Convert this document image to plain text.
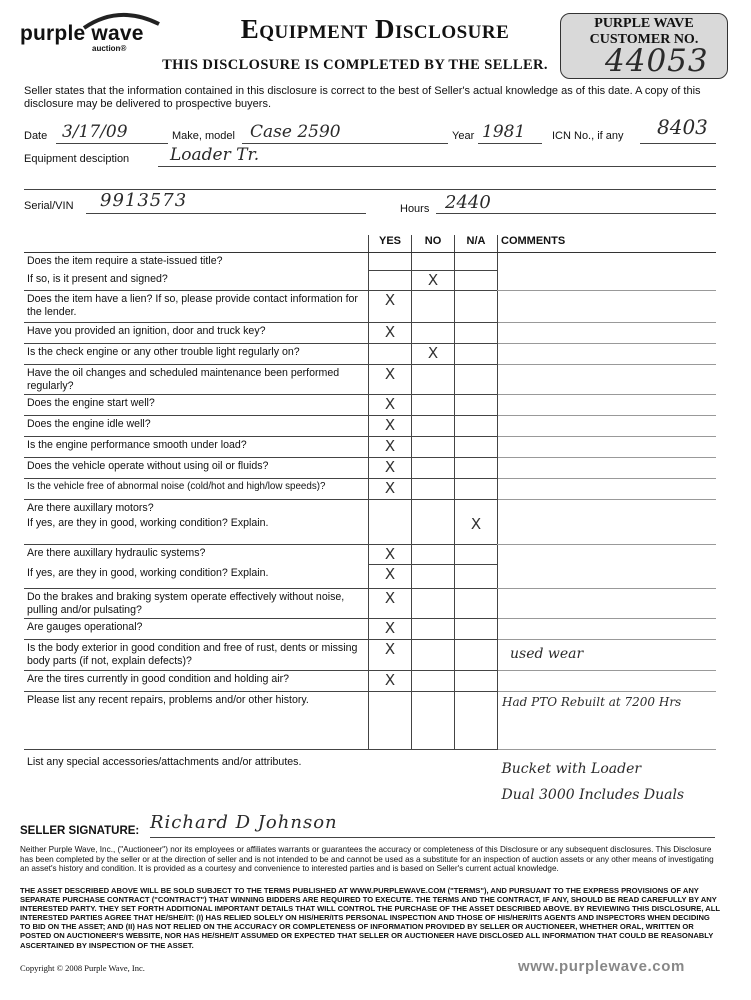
purple wave
auction®
Equipment Disclosure
THIS DISCLOSURE IS COMPLETED BY THE SELLER.
PURPLE WAVE
CUSTOMER NO.
44053
Seller states that the information contained in this disclosure is correct to the best of Seller's actual knowledge as of this date. A copy of this disclosure may be delivered to prospective buyers.
Date 3/17/09	Make, model Case 2590	Year 1981 ICN No., if any 8403
Equipment desciption Loader Tr.
Serial/VIN 9913573	Hours 2440
	YES	NO	N/A	COMMENTS
Does the item require a state-issued title?				
If so, is it present and signed?		X		
Does the item have a lien? If so, please provide contact information for the lender.	X			
Have you provided an ignition, door and truck key?	X			
Is the check engine or any other trouble light regularly on?		X		
Have the oil changes and scheduled maintenance been performed regularly?	X			
Does the engine start well?	X			
Does the engine idle well?	X			
Is the engine performance smooth under load?	X			
Does the vehicle operate without using oil or fluids?	X			
Is the vehicle free of abnormal noise (cold/hot and high/low speeds)?	X			
Are there auxillary motors?				
If yes, are they in good, working condition? Explain.			X	
Are there auxillary hydraulic systems?	X			
If yes, are they in good, working condition? Explain.	X			
Do the brakes and braking system operate effectively without noise, pulling and/or pulsating?	X			
Are gauges operational?	X			
Is the body exterior in good condition and free of rust, dents or missing body parts (if not, explain defects)?	X			used wear
Are the tires currently in good condition and holding air?	X			
Please list any recent repairs, problems and/or other history.				Had PTO Rebuilt at 7200 Hrs
List any special accessories/attachments and/or attributes.				Bucket with Loader
Dual 3000 Includes Duals
SELLER SIGNATURE: Richard D Johnson
Neither Purple Wave, Inc., ("Auctioneer") nor its employees or affiliates warrants or guarantees the accuracy or completeness of this Disclosure or any subsequent disclosures. This Disclosure has been completed by the seller or at the direction of seller and is not intended to be and cannot be used as a substitute for an inspection of auction assets or any other means of investigating an asset's history and condition. It is provided as a courtesy and convenience to interested parties and is based on Seller's current actual knowledge.
THE ASSET DESCRIBED ABOVE WILL BE SOLD SUBJECT TO THE TERMS PUBLISHED AT WWW.PURPLEWAVE.COM ("TERMS"), AND PURSUANT TO THE EXPRESS PROVISIONS OF ANY SEPARATE PURCHASE CONTRACT ("CONTRACT") THAT WINNING BIDDERS ARE REQUIRED TO EXECUTE. THE TERMS AND THE CONTRACT, IF ANY, SHOULD BE READ CAREFULLY BY ANY INTERESTED PARTY. THEY SET FORTH ADDITIONAL IMPORTANT DETAILS THAT WILL CONTROL THE PURCHASE OF THE ASSET DESCRIBED ABOVE. BY REVIEWING THIS DISCLOSURE, ALL INTERESTED PARTIES AGREE THAT HE/SHE/IT: (I) HAS RELIED SOLELY ON HIS/HER/ITS PERSONAL INSPECTION AND THOSE OF HIS/HER/ITS AGENTS AND INSPECTORS WHEN DECIDING TO BID ON THE ASSET; AND (II) HAS NOT RELIED ON THE ACCURACY OR COMPLETENESS OF INFORMATION PROVIDED BY SELLER OR AUCTIONEER, WHETHER ORAL, WRITTEN OR POSTED ON AUCTIONEER'S WEBSITE, NOR HAS HE/SHE/IT ASSUMED OR EXPECTED THAT SELLER OR AUCTIONEER HAVE DISCLOSED ALL INFORMATION THAT COULD BE REASONABLY ASCERTAINED BY INSPECTION OF THE ASSET.
Copyright © 2008 Purple Wave, Inc.	www.purplewave.com
